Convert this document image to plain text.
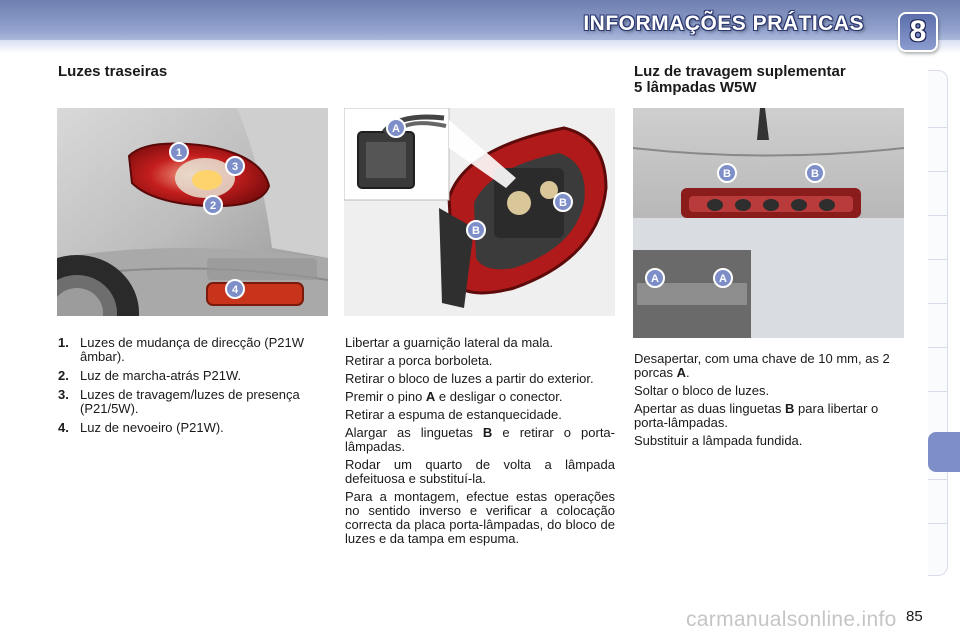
INFORMAÇÕES PRÁTICAS 8
Luzes traseiras	Luz de travagem suplementar
5 lâmpadas W5W
1
3
2
4
A
B
B
B	B
A	A
1. Luzes de mudança de direcção (P21W âmbar).
2. Luz de marcha-atrás P21W.
3. Luzes de travagem/luzes de presença (P21/5W).
4. Luz de nevoeiro (P21W).

Libertar a guarnição lateral da mala.

Retirar a porca borboleta.

Retirar o bloco de luzes a partir do exterior.

Premir o pino A e desligar o conector.

Retirar a espuma de estanquecidade.

Alargar as linguetas B e retirar o porta-lâmpadas.

Rodar um quarto de volta a lâmpada defeituosa e substituí-la.

Para a montagem, efectue estas operações no sentido inverso e verificar a colocação correcta da placa porta-lâmpadas, do bloco de luzes e da tampa em espuma.

Desapertar, com uma chave de 10 mm, as 2 porcas A.

Soltar o bloco de luzes.

Apertar as duas linguetas B para libertar o porta-lâmpadas.

Substituir a lâmpada fundida.

carmanualsonline.info 85
